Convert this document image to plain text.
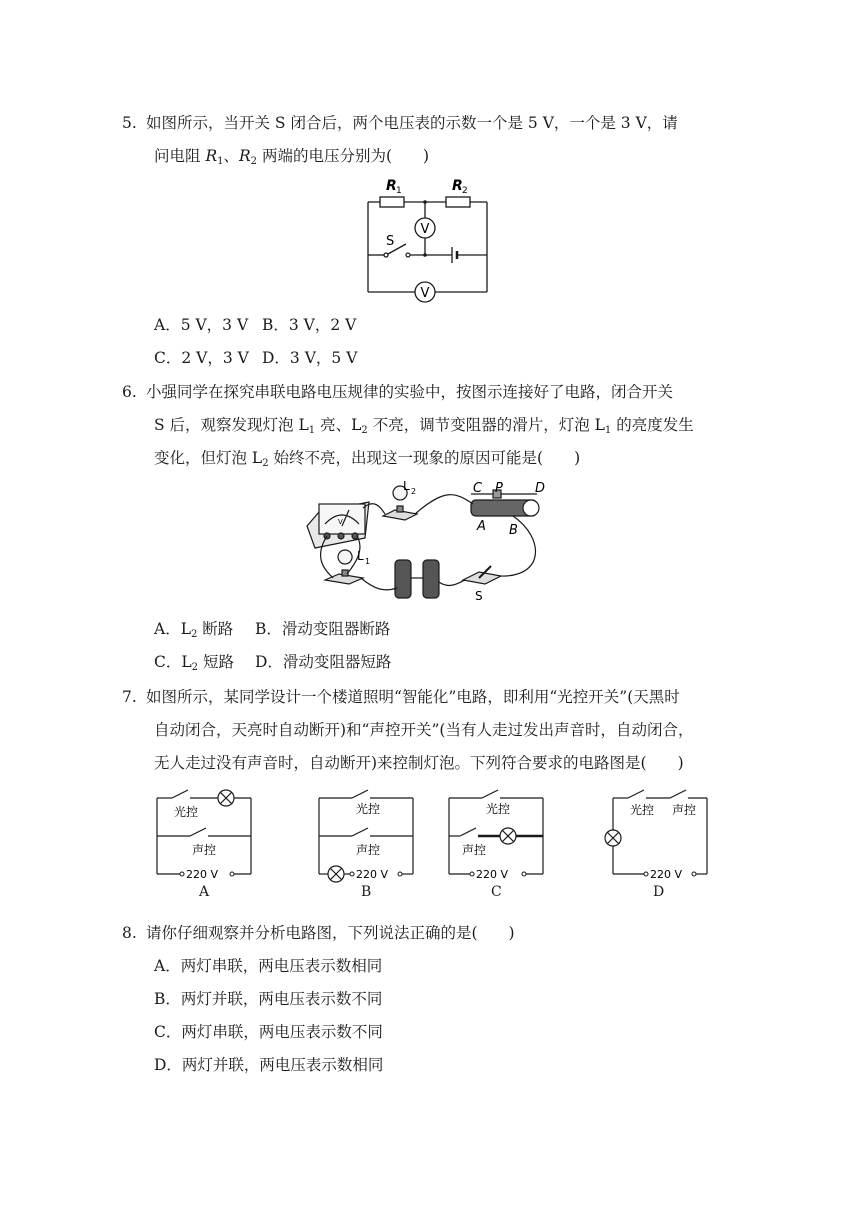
5. 如图所示，当开关 S 闭合后，两个电压表的示数一个是 5 V，一个是 3 V，请
问电阻 $R_1$、$R_2$ 两端的电压分别为(　　)
R 1	R 2
S
V
V
A．5 V，3 V B．3 V，2 V
C．2 V，3 V D．3 V，5 V
6. 小强同学在探究串联电路电压规律的实验中，按图示连接好了电路，闭合开关
S 后，观察发现灯泡 $L_1$ 亮、$L_2$ 不亮，调节变阻器的滑片，灯泡 $L_1$ 的亮度发生
变化，但灯泡 $L_2$ 始终不亮，出现这一现象的原因可能是(　　)
L 2
L 1
C P D
A B
S
V
A．$L_2$ 断路 B．滑动变阻器断路
C．$L_2$ 短路 D．滑动变阻器短路
7. 如图所示，某同学设计一个楼道照明“智能化”电路，即利用“光控开关”(天黑时
自动闭合，天亮时自动断开)和“声控开关”(当有人走过发出声音时，自动闭合，
无人走过没有声音时，自动断开)来控制灯泡。下列符合要求的电路图是(　　)
光控
声控
220 V
A
光控
声控
220 V
B
光控
声控
220 V
C
光控 声控
220 V
D
8. 请你仔细观察并分析电路图，下列说法正确的是(　　)
A．两灯串联，两电压表示数相同
B．两灯并联，两电压表示数不同
C．两灯串联，两电压表示数不同
D．两灯并联，两电压表示数相同
